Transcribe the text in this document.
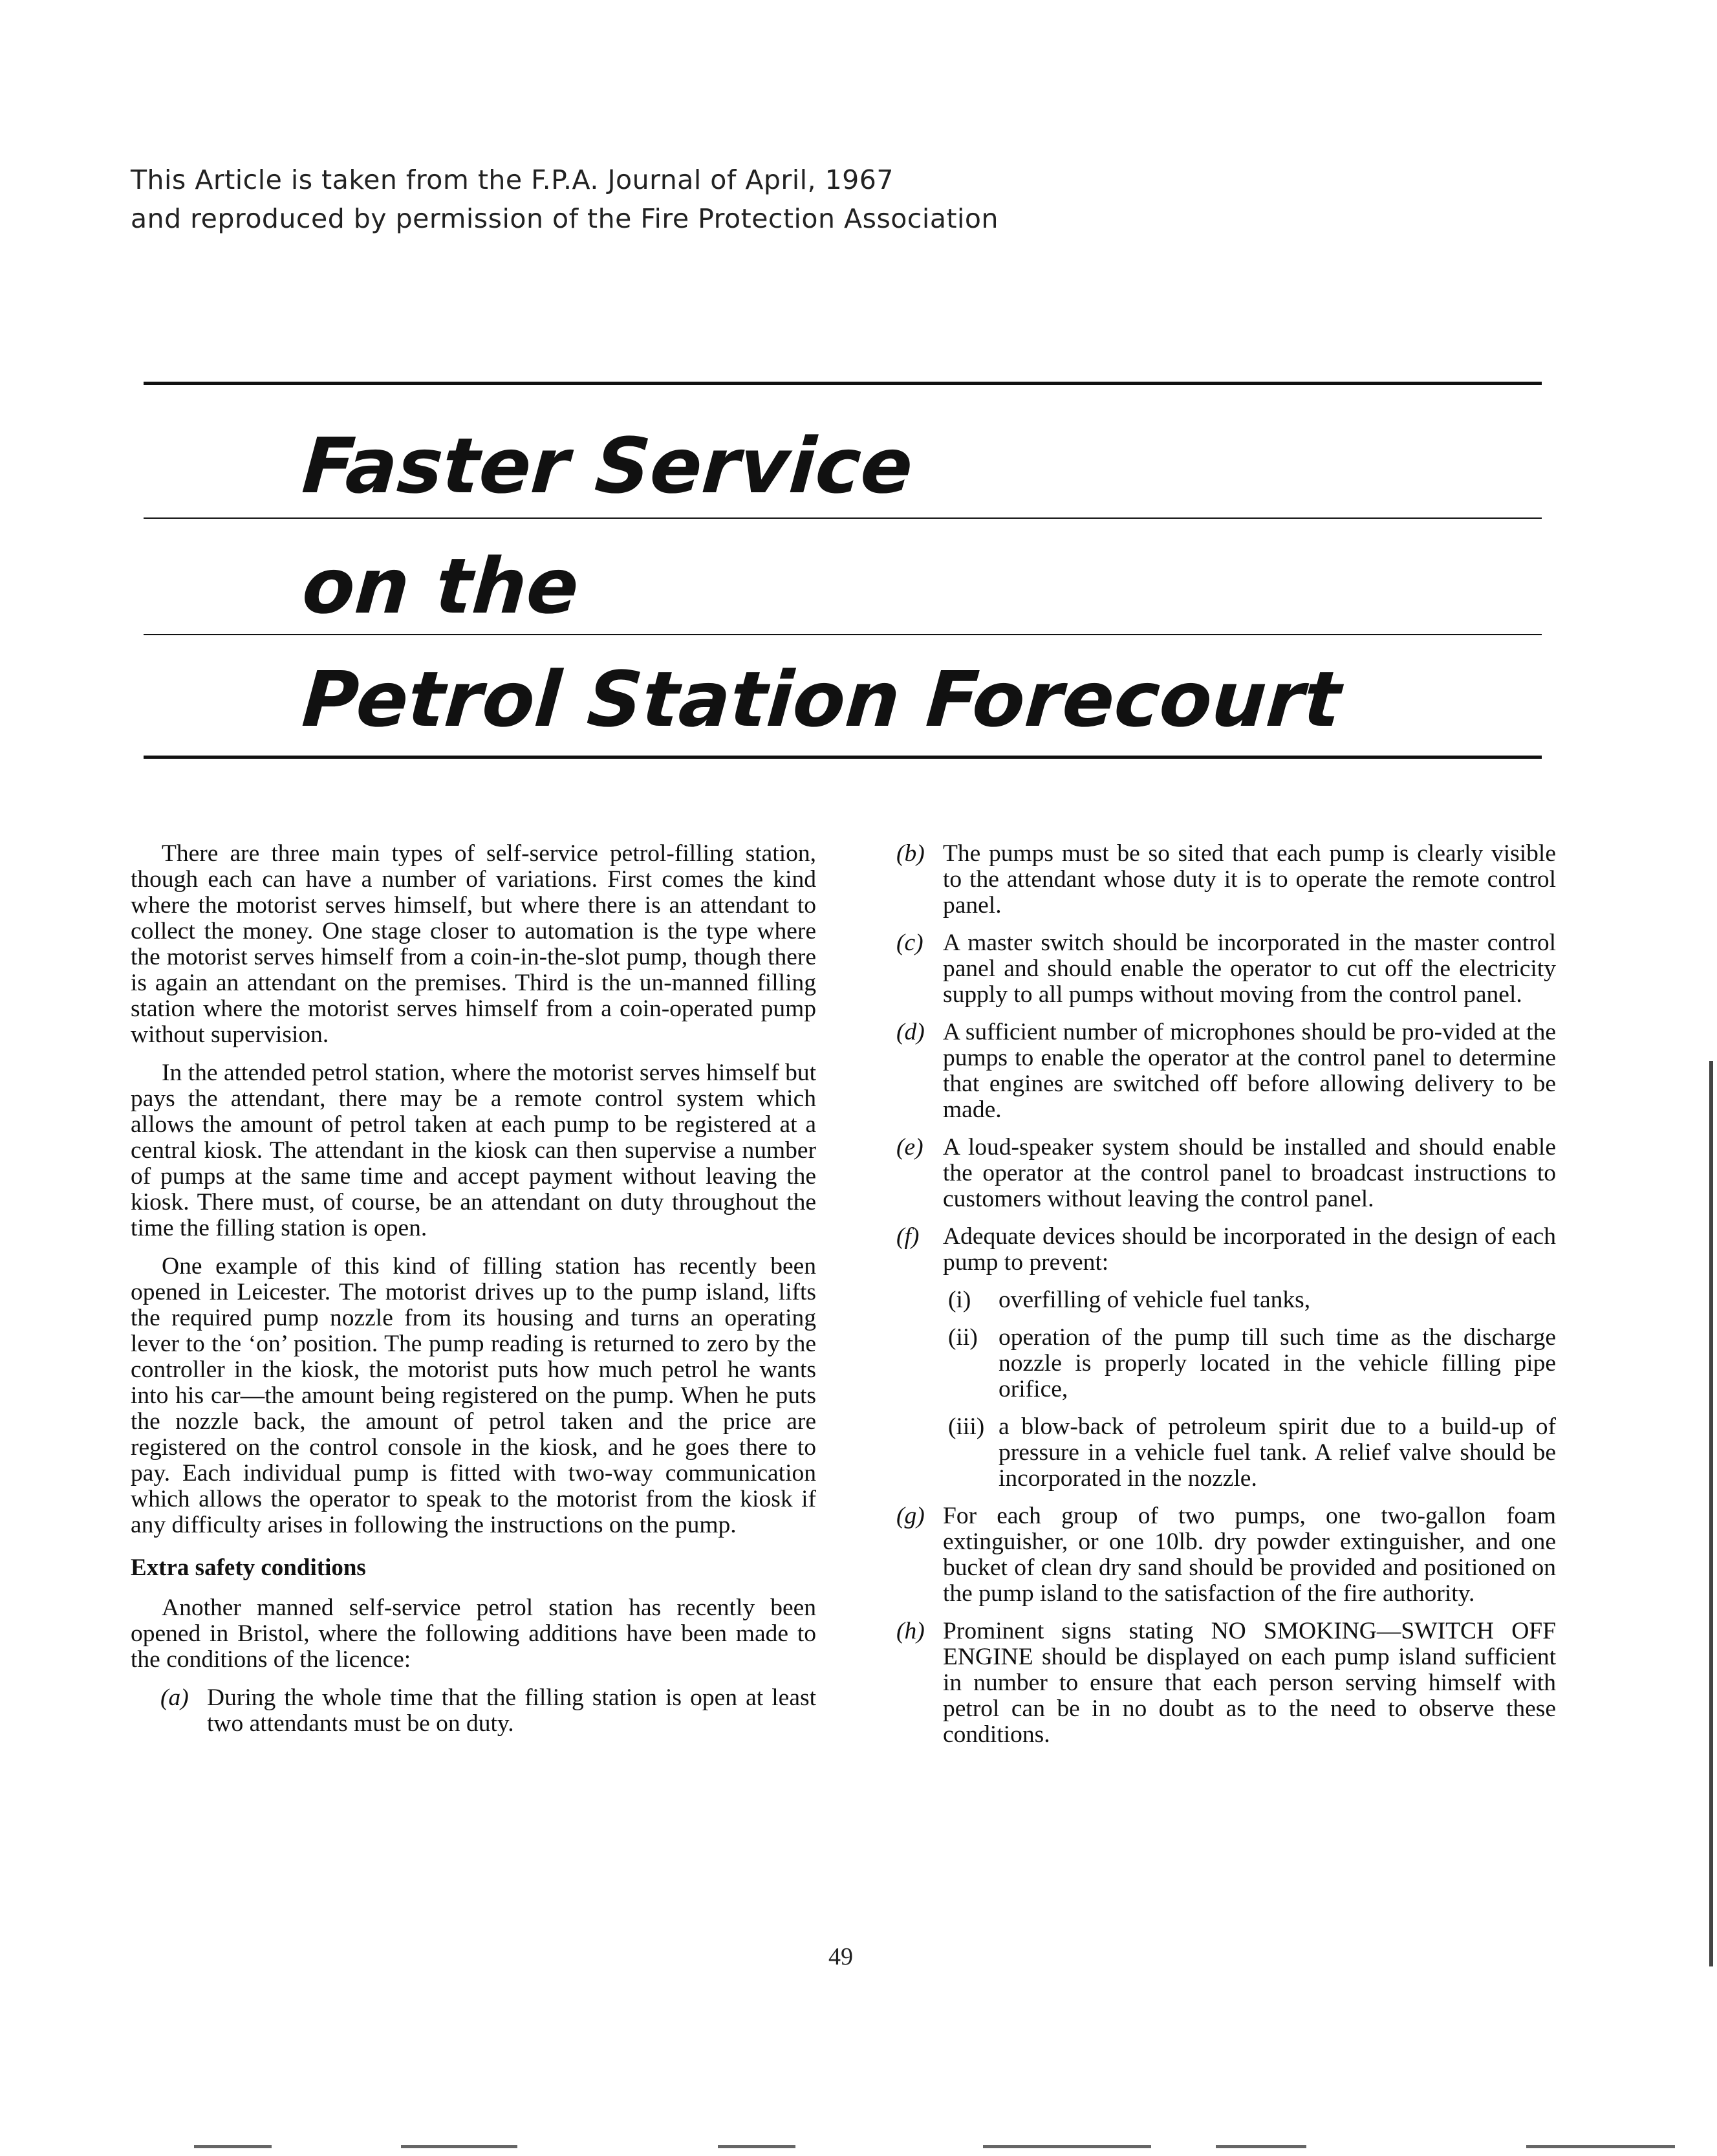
This Article is taken from the F.P.A. Journal of April, 1967
and reproduced by permission of the Fire Protection Association
Faster Service
on the
Petrol Station Forecourt

There are three main types of self-service petrol-filling station, though each can have a number of variations. First comes the kind where the motorist serves himself, but where there is an attendant to collect the money. One stage closer to automation is the type where the motorist serves himself from a coin-in-the-slot pump, though there is again an attendant on the premises. Third is the un-manned filling station where the motorist serves himself from a coin-operated pump without supervision.

In the attended petrol station, where the motorist serves himself but pays the attendant, there may be a remote control system which allows the amount of petrol taken at each pump to be registered at a central kiosk. The attendant in the kiosk can then supervise a number of pumps at the same time and accept payment without leaving the kiosk. There must, of course, be an attendant on duty throughout the time the filling station is open.

One example of this kind of filling station has recently been opened in Leicester. The motorist drives up to the pump island, lifts the required pump nozzle from its housing and turns an operating lever to the ‘on’ position. The pump reading is returned to zero by the controller in the kiosk, the motorist puts how much petrol he wants into his car—the amount being registered on the pump. When he puts the nozzle back, the amount of petrol taken and the price are registered on the control console in the kiosk, and he goes there to pay. Each individual pump is fitted with two-way communication which allows the operator to speak to the motorist from the kiosk if any difficulty arises in following the instructions on the pump.

Extra safety conditions

Another manned self-service petrol station has recently been opened in Bristol, where the following additions have been made to the conditions of the licence:

(a) During the whole time that the filling station is open at least two attendants must be on duty.
(b) The pumps must be so sited that each pump is clearly visible to the attendant whose duty it is to operate the remote control panel.
(c) A master switch should be incorporated in the master control panel and should enable the operator to cut off the electricity supply to all pumps without moving from the control panel.
(d) A sufficient number of microphones should be pro-vided at the pumps to enable the operator at the control panel to determine that engines are switched off before allowing delivery to be made.
(e) A loud-speaker system should be installed and should enable the operator at the control panel to broadcast instructions to customers without leaving the control panel.
(f) Adequate devices should be incorporated in the design of each pump to prevent:
(i)	overfilling of vehicle fuel tanks,
(ii) operation of the pump till such time as the discharge nozzle is properly located in the vehicle filling pipe orifice,
(iii) a blow-back of petroleum spirit due to a build-up of pressure in a vehicle fuel tank. A relief valve should be incorporated in the nozzle.
(g) For each group of two pumps, one two-gallon foam extinguisher, or one 10lb. dry powder extinguisher, and one bucket of clean dry sand should be provided and positioned on the pump island to the satisfaction of the fire authority.
(h) Prominent signs stating NO SMOKING—SWITCH OFF ENGINE should be displayed on each pump island sufficient in number to ensure that each person serving himself with petrol can be in no doubt as to the need to observe these conditions.
49
